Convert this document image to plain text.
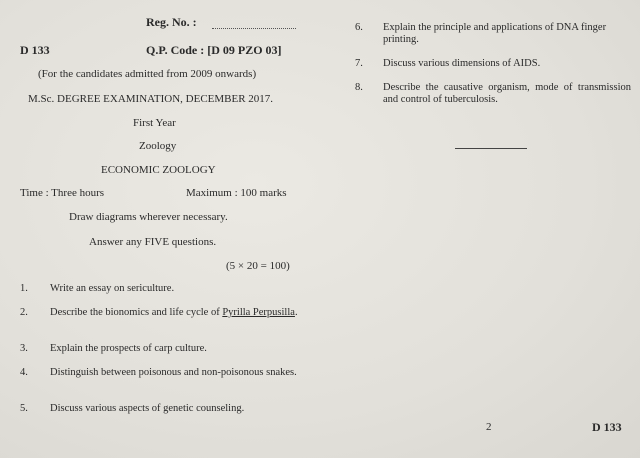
Reg. No. :
D 133	Q.P. Code : [D 09 PZO 03]
(For the candidates admitted from 2009 onwards)
M.Sc. DEGREE EXAMINATION, DECEMBER 2017.
First Year
Zoology
ECONOMIC ZOOLOGY
Time : Three hours	Maximum : 100 marks
Draw diagrams wherever necessary.
Answer any FIVE questions.
(5 × 20 = 100)
1. Write an essay on sericulture.
2. Describe the bionomics and life cycle of Pyrilla Perpusilla.
3. Explain the prospects of carp culture.
4. Distinguish between poisonous and non-poisonous snakes.
5. Discuss various aspects of genetic counseling.
6. Explain the principle and applications of DNA finger printing.
7. Discuss various dimensions of AIDS.
8. Describe the causative organism, mode of transmission and control of tuberculosis.
2	D 133
